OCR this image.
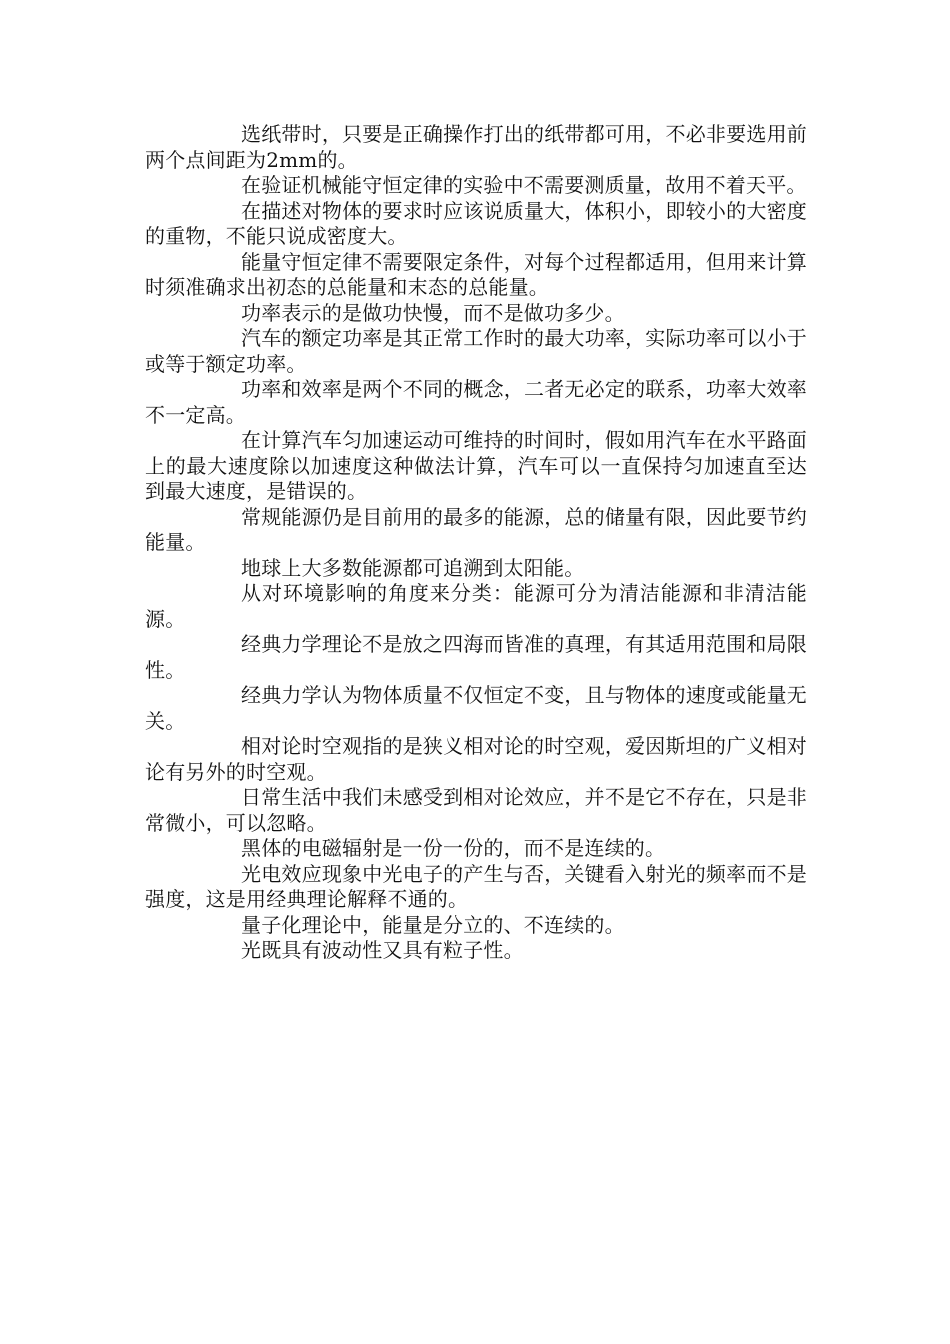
选纸带时，只要是正确操作打出的纸带都可用，不必非要选用前两个点间距为2mm的。

在验证机械能守恒定律的实验中不需要测质量，故用不着天平。

在描述对物体的要求时应该说质量大，体积小，即较小的大密度的重物，不能只说成密度大。

能量守恒定律不需要限定条件，对每个过程都适用，但用来计算时须准确求出初态的总能量和末态的总能量。

功率表示的是做功快慢，而不是做功多少。

汽车的额定功率是其正常工作时的最大功率，实际功率可以小于或等于额定功率。

功率和效率是两个不同的概念，二者无必定的联系，功率大效率不一定高。

在计算汽车匀加速运动可维持的时间时，假如用汽车在水平路面上的最大速度除以加速度这种做法计算，汽车可以一直保持匀加速直至达到最大速度，是错误的。

常规能源仍是目前用的最多的能源，总的储量有限，因此要节约能量。

地球上大多数能源都可追溯到太阳能。

从对环境影响的角度来分类：能源可分为清洁能源和非清洁能源。

经典力学理论不是放之四海而皆准的真理，有其适用范围和局限性。

经典力学认为物体质量不仅恒定不变，且与物体的速度或能量无关。

相对论时空观指的是狭义相对论的时空观，爱因斯坦的广义相对论有另外的时空观。

日常生活中我们未感受到相对论效应，并不是它不存在，只是非常微小，可以忽略。

黑体的电磁辐射是一份一份的，而不是连续的。

光电效应现象中光电子的产生与否，关键看入射光的频率而不是强度，这是用经典理论解释不通的。

量子化理论中，能量是分立的、不连续的。

光既具有波动性又具有粒子性。
